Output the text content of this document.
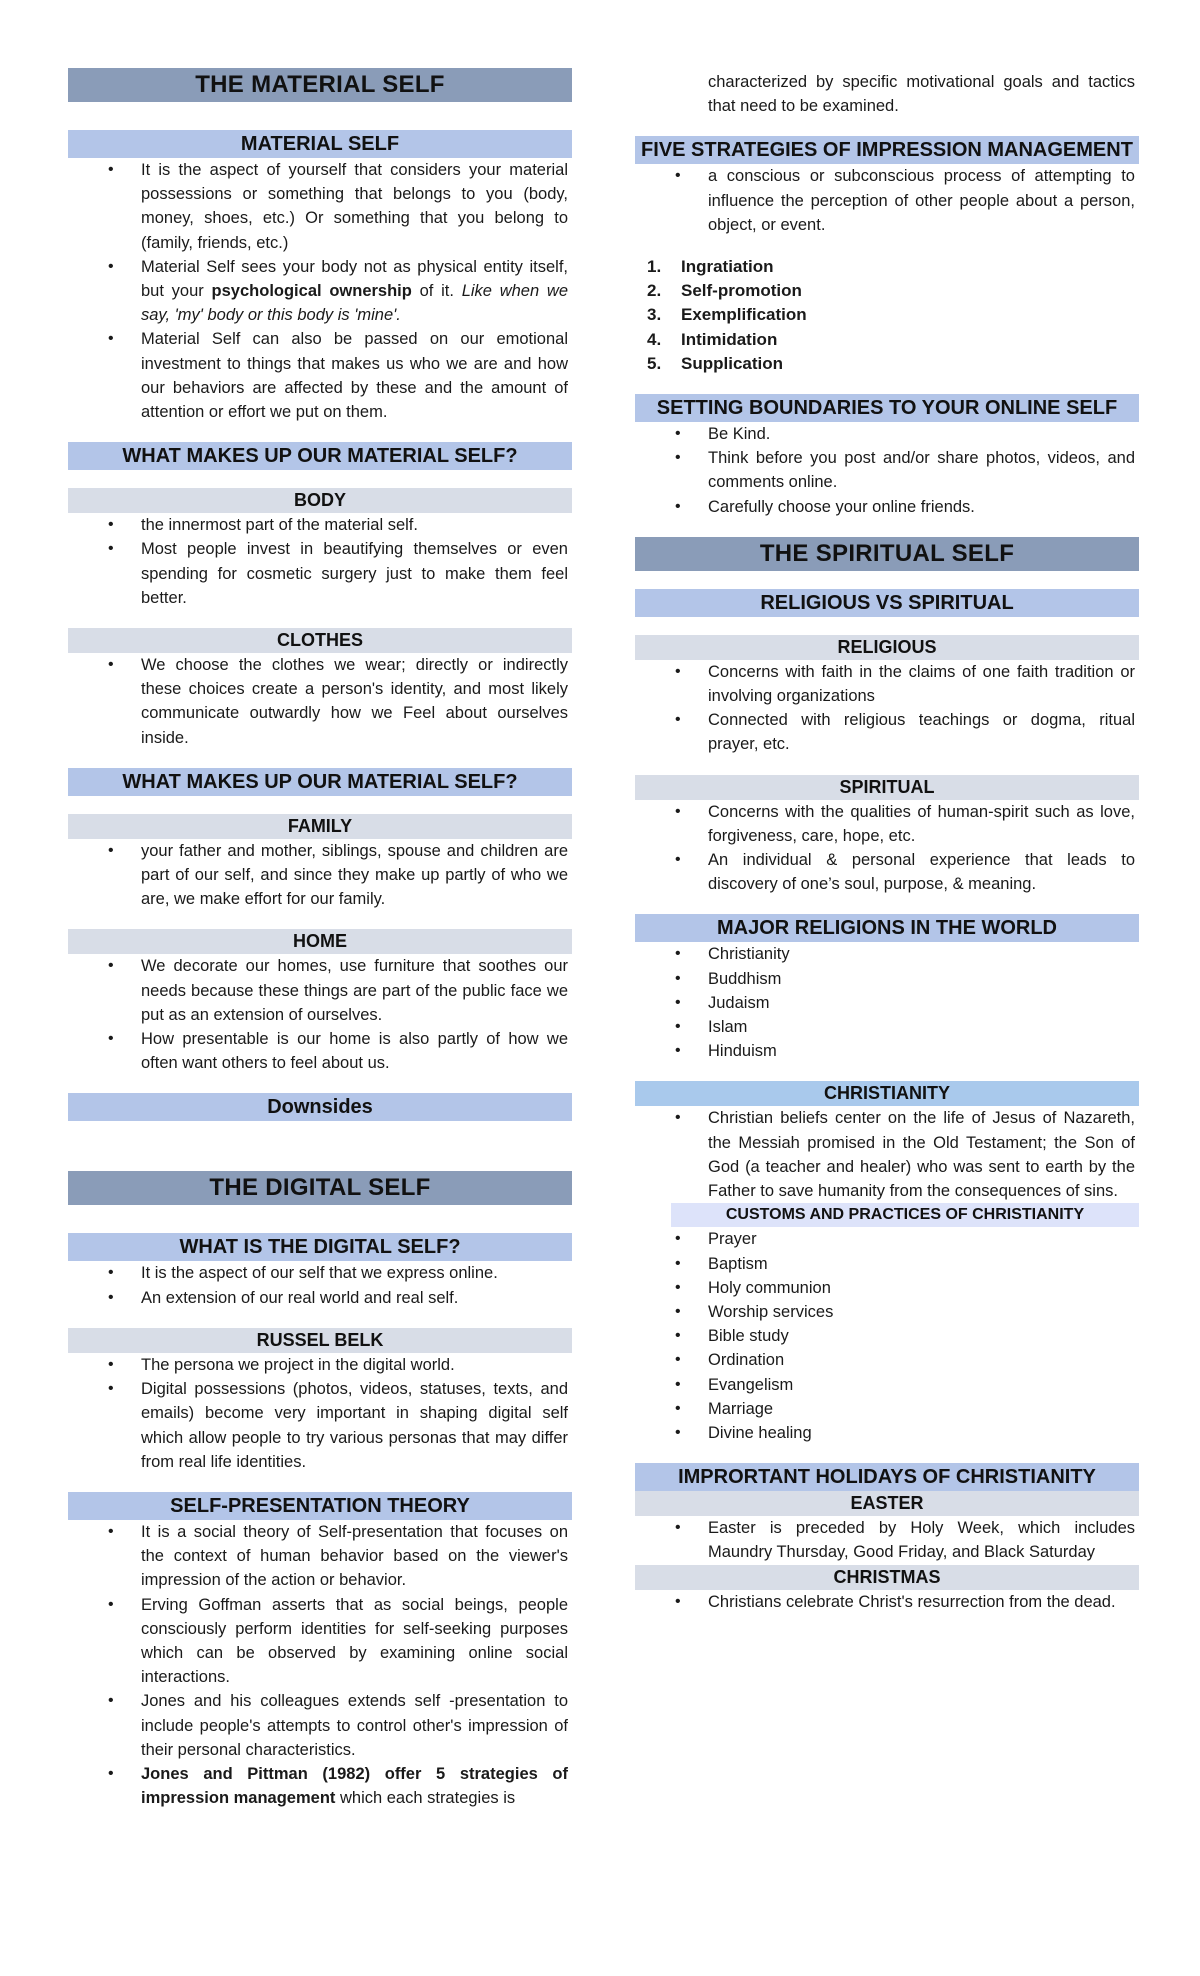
THE MATERIAL SELF
MATERIAL SELF
• It is the aspect of yourself that considers your material possessions or something that belongs to you (body, money, shoes, etc.) Or something that you belong to (family, friends, etc.)
• Material Self sees your body not as physical entity itself, but your psychological ownership of it. Like when we say, 'my' body or this body is 'mine'.
• Material Self can also be passed on our emotional investment to things that makes us who we are and how our behaviors are affected by these and the amount of attention or effort we put on them.
WHAT MAKES UP OUR MATERIAL SELF?
BODY
• the innermost part of the material self.
• Most people invest in beautifying themselves or even spending for cosmetic surgery just to make them feel better.
CLOTHES
• We choose the clothes we wear; directly or indirectly these choices create a person's identity, and most likely communicate outwardly how we Feel about ourselves inside.
WHAT MAKES UP OUR MATERIAL SELF?
FAMILY
• your father and mother, siblings, spouse and children are part of our self, and since they make up partly of who we are, we make effort for our family.
HOME
• We decorate our homes, use furniture that soothes our needs because these things are part of the public face we put as an extension of ourselves.
• How presentable is our home is also partly of how we often want others to feel about us.
Downsides
THE DIGITAL SELF
WHAT IS THE DIGITAL SELF?
• It is the aspect of our self that we express online.
• An extension of our real world and real self.
RUSSEL BELK
• The persona we project in the digital world.
• Digital possessions (photos, videos, statuses, texts, and emails) become very important in shaping digital self which allow people to try various personas that may differ from real life identities.
SELF-PRESENTATION THEORY
• It is a social theory of Self-presentation that focuses on the context of human behavior based on the viewer's impression of the action or behavior.
• Erving Goffman asserts that as social beings, people consciously perform identities for self-seeking purposes which can be observed by examining online social interactions.
• Jones and his colleagues extends self -presentation to include people's attempts to control other's impression of their personal characteristics.
• Jones and Pittman (1982) offer 5 strategies of impression management which each strategies is

characterized by specific motivational goals and tactics that need to be examined.

FIVE STRATEGIES OF IMPRESSION MANAGEMENT
• a conscious or subconscious process of attempting to influence the perception of other people about a person, object, or event.
1. Ingratiation
2. Self-promotion
3. Exemplification
4. Intimidation
5. Supplication
SETTING BOUNDARIES TO YOUR ONLINE SELF
• Be Kind.
• Think before you post and/or share photos, videos, and comments online.
• Carefully choose your online friends.
THE SPIRITUAL SELF
RELIGIOUS VS SPIRITUAL
RELIGIOUS
• Concerns with faith in the claims of one faith tradition or involving organizations
• Connected with religious teachings or dogma, ritual prayer, etc.
SPIRITUAL
• Concerns with the qualities of human-spirit such as love, forgiveness, care, hope, etc.
• An individual & personal experience that leads to discovery of one’s soul, purpose, & meaning.
MAJOR RELIGIONS IN THE WORLD
• Christianity
• Buddhism
• Judaism
• Islam
• Hinduism
CHRISTIANITY
• Christian beliefs center on the life of Jesus of Nazareth, the Messiah promised in the Old Testament; the Son of God (a teacher and healer) who was sent to earth by the Father to save humanity from the consequences of sins.
CUSTOMS AND PRACTICES OF CHRISTIANITY
• Prayer
• Baptism
• Holy communion
• Worship services
• Bible study
• Ordination
• Evangelism
• Marriage
• Divine healing
IMPRORTANT HOLIDAYS OF CHRISTIANITY
EASTER
• Easter is preceded by Holy Week, which includes Maundry Thursday, Good Friday, and Black Saturday
CHRISTMAS
• Christians celebrate Christ's resurrection from the dead.
